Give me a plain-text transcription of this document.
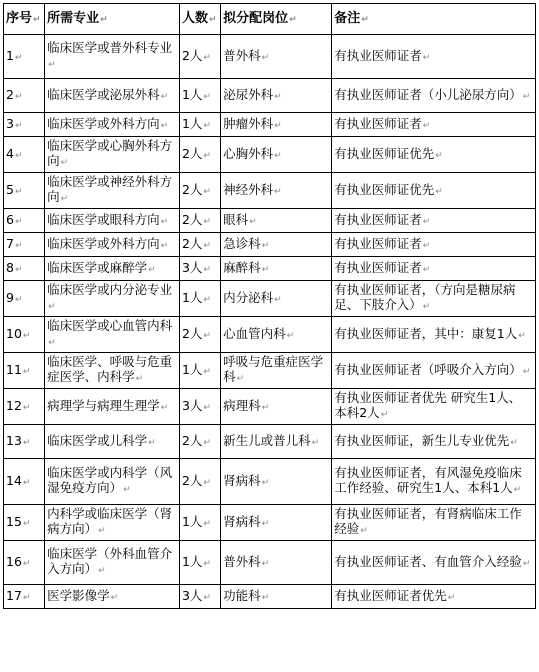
序号↵	所需专业↵	人数↵	拟分配岗位↵	备注↵
1↵	临床医学或普外科专业↵	2人↵	普外科↵	有执业医师证者↵
2↵	临床医学或泌尿外科↵	1人↵	泌尿外科↵	有执业医师证者（小儿泌尿方向）↵
3↵	临床医学或外科方向↵	1人↵	肿瘤外科↵	有执业医师证者↵
4↵	临床医学或心胸外科方向↵	2人↵	心胸外科↵	有执业医师证优先↵
5↵	临床医学或神经外科方向↵	2人↵	神经外科↵	有执业医师证优先↵
6↵	临床医学或眼科方向↵	2人↵	眼科↵	有执业医师证者↵
7↵	临床医学或外科方向↵	2人↵	急诊科↵	有执业医师证者↵
8↵	临床医学或麻醉学↵	3人↵	麻醉科↵	有执业医师证者↵
9↵	临床医学或内分泌专业↵	1人↵	内分泌科↵	有执业医师证者，（方向是糖尿病足、下肢介入）↵
10↵	临床医学或心血管内科↵	2人↵	心血管内科↵	有执业医师证者，其中：康复1人↵
11↵	临床医学、呼吸与危重症医学、内科学↵	1人↵	呼吸与危重症医学科↵	有执业医师证者（呼吸介入方向）↵
12↵	病理学与病理生理学↵	3人↵	病理科↵	有执业医师证者优先 研究生1人、本科2人↵
13↵	临床医学或儿科学↵	2人↵	新生儿或普儿科↵	有执业医师证，新生儿专业优先↵
14↵	临床医学或内科学（风湿免疫方向）↵	2人↵	肾病科↵	有执业医师证者，有风湿免疫临床工作经验、研究生1人、本科1人↵
15↵	内科学或临床医学（肾病方向）↵	1人↵	肾病科↵	有执业医师证者，有肾病临床工作经验↵
16↵	临床医学（外科血管介入方向）↵	1人↵	普外科↵	有执业医师证者、有血管介入经验↵
17↵	医学影像学↵	3人↵	功能科↵	有执业医师证者优先↵
